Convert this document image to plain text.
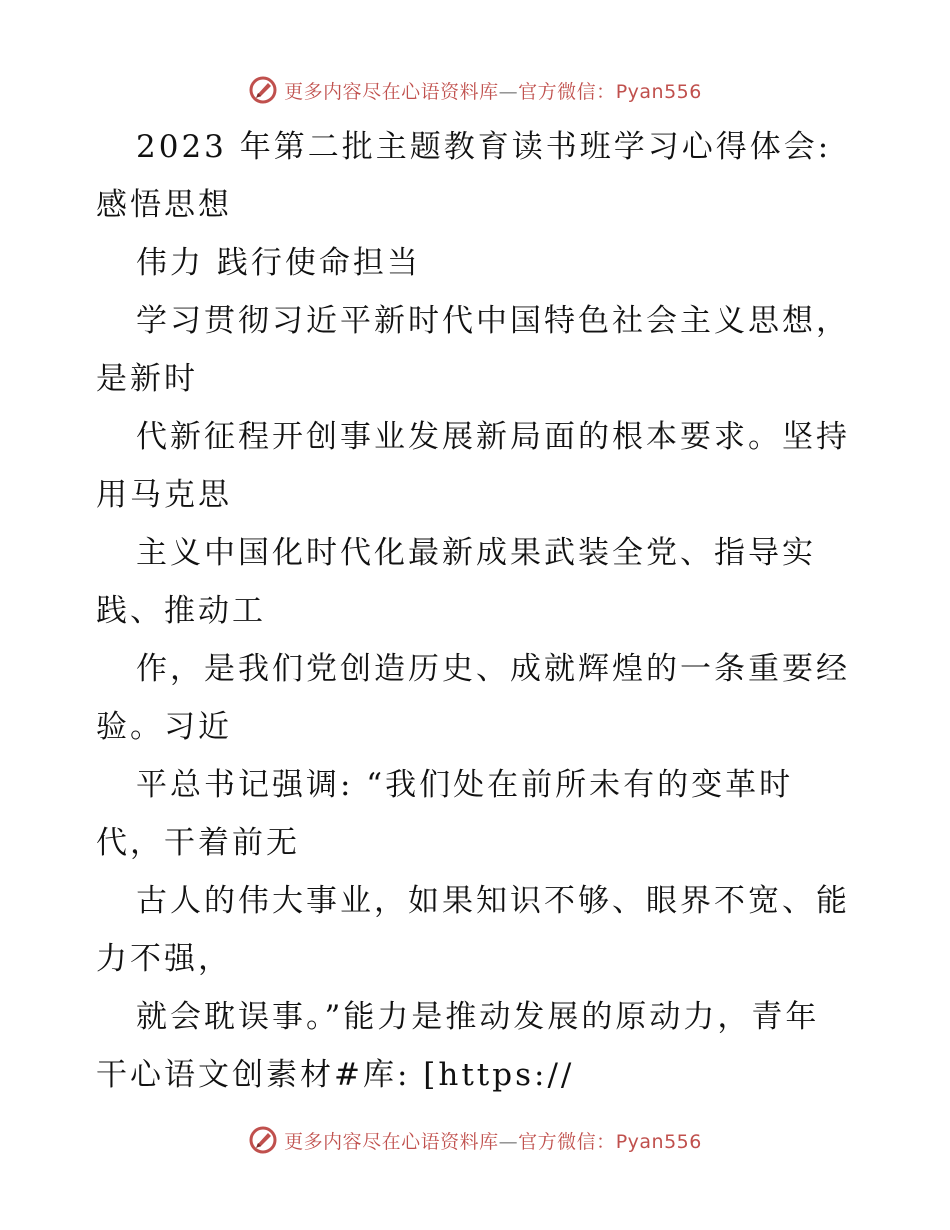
更多内容尽在心语资料库—官方微信：Pyan556
2023 年第二批主题教育读书班学习心得体会:
感悟思想
伟力 践行使命担当
学习贯彻习近平新时代中国特色社会主义思想，
是新时
代新征程开创事业发展新局面的根本要求。坚持
用马克思
主义中国化时代化最新成果武装全党、指导实
践、推动工
作，是我们党创造历史、成就辉煌的一条重要经
验。习近
平总书记强调: “我们处在前所未有的变革时
代，干着前无
古人的伟大事业，如果知识不够、眼界不宽、能
力不强，
就会耽误事。”能力是推动发展的原动力，青年
干心语文创素材#库: [https://
更多内容尽在心语资料库—官方微信：Pyan556
